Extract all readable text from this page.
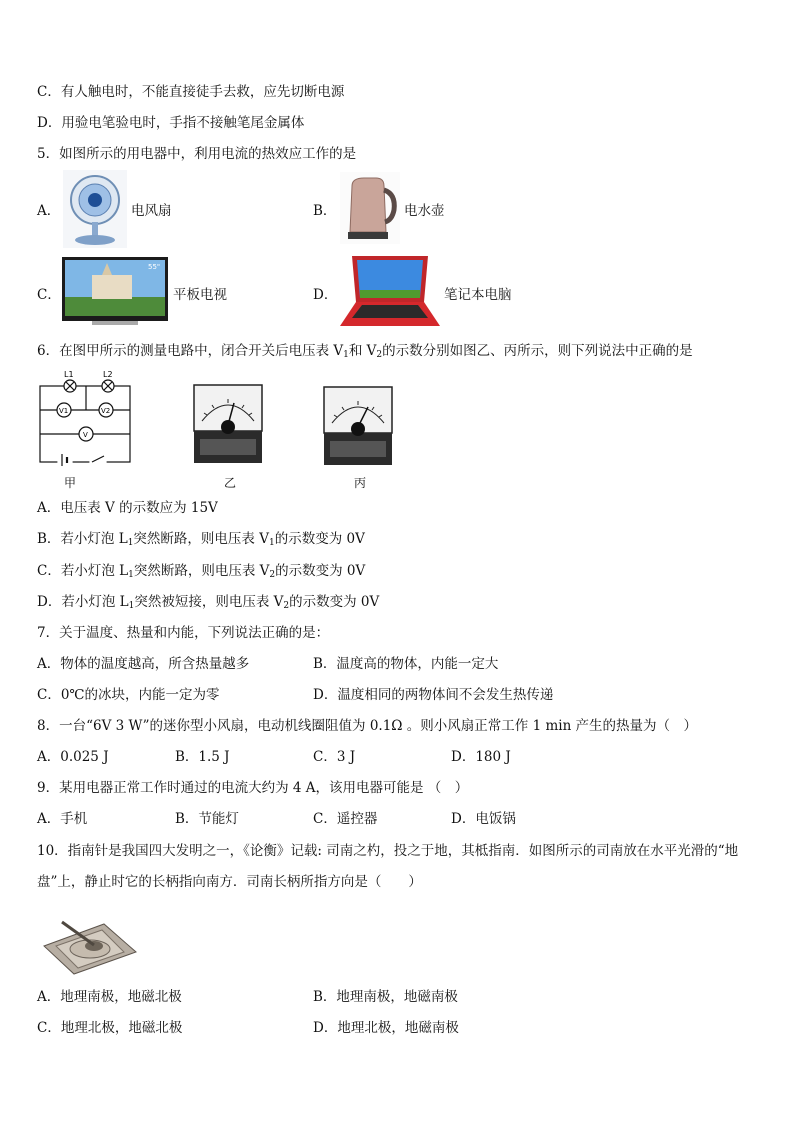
C．有人触电时，不能直接徒手去救，应先切断电源
D．用验电笔验电时，手指不接触笔尾金属体
5．如图所示的用电器中，利用电流的热效应工作的是
A．	电风扇	B．	电水壶
C．
55"
平板电视	D．	笔记本电脑
6．在图甲所示的测量电路中，闭合开关后电压表 $V_1$和 $V_2$的示数分别如图乙、丙所示，则下列说法中正确的是
L1	L2
V1	V2
V
甲	乙	丙
A．电压表 V 的示数应为 15V
B．若小灯泡 $L_1$突然断路，则电压表 $V_1$的示数变为 0V
C．若小灯泡 $L_1$突然断路，则电压表 $V_2$的示数变为 0V
D．若小灯泡 $L_1$突然被短接，则电压表 $V_2$的示数变为 0V
7．关于温度、热量和内能，下列说法正确的是：
A．物体的温度越高，所含热量越多	B．温度高的物体，内能一定大
C．0℃的冰块，内能一定为零	D．温度相同的两物体间不会发生热传递
8．一台“6V 3 W”的迷你型小风扇，电动机线圈阻值为 0.1Ω 。则小风扇正常工作 1 min 产生的热量为（　）
A．0.025 J	B．1.5 J	C．3 J	D．180 J
9．某用电器正常工作时通过的电流大约为 4 A，该用电器可能是 （　）
A．手机	B．节能灯	C．遥控器	D．电饭锅
10．指南针是我国四大发明之一，《论衡》记载: 司南之杓，投之于地，其柢指南．如图所示的司南放在水平光滑的“地
盘”上，静止时它的长柄指向南方．司南长柄所指方向是（　　）
A．地理南极，地磁北极	B．地理南极，地磁南极
C．地理北极，地磁北极	D．地理北极，地磁南极
